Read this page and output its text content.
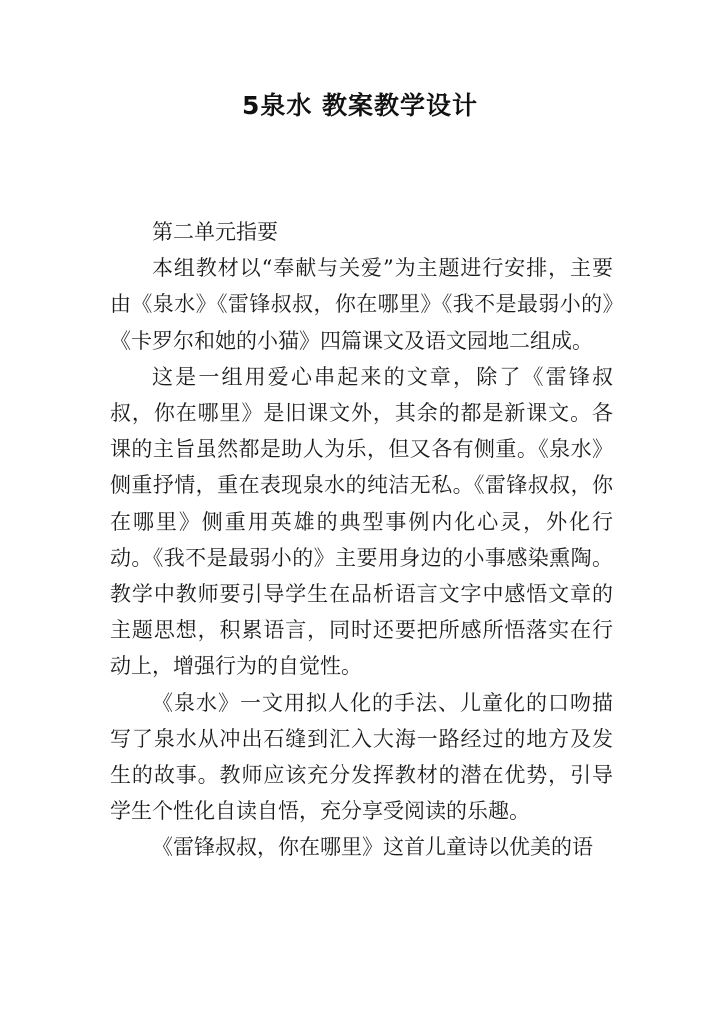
5泉水 教案教学设计

第二单元指要

本组教材以“奉献与关爱”为主题进行安排，主要由《泉水》《雷锋叔叔，你在哪里》《我不是最弱小的》《卡罗尔和她的小猫》四篇课文及语文园地二组成。

这是一组用爱心串起来的文章，除了《雷锋叔叔，你在哪里》是旧课文外，其余的都是新课文。各课的主旨虽然都是助人为乐，但又各有侧重。《泉水》侧重抒情，重在表现泉水的纯洁无私。《雷锋叔叔，你在哪里》侧重用英雄的典型事例内化心灵，外化行动。《我不是最弱小的》主要用身边的小事感染熏陶。教学中教师要引导学生在品析语言文字中感悟文章的主题思想，积累语言，同时还要把所感所悟落实在行动上，增强行为的自觉性。

《泉水》一文用拟人化的手法、儿童化的口吻描写了泉水从冲出石缝到汇入大海一路经过的地方及发生的故事。教师应该充分发挥教材的潜在优势，引导学生个性化自读自悟，充分享受阅读的乐趣。

《雷锋叔叔，你在哪里》这首儿童诗以优美的语
